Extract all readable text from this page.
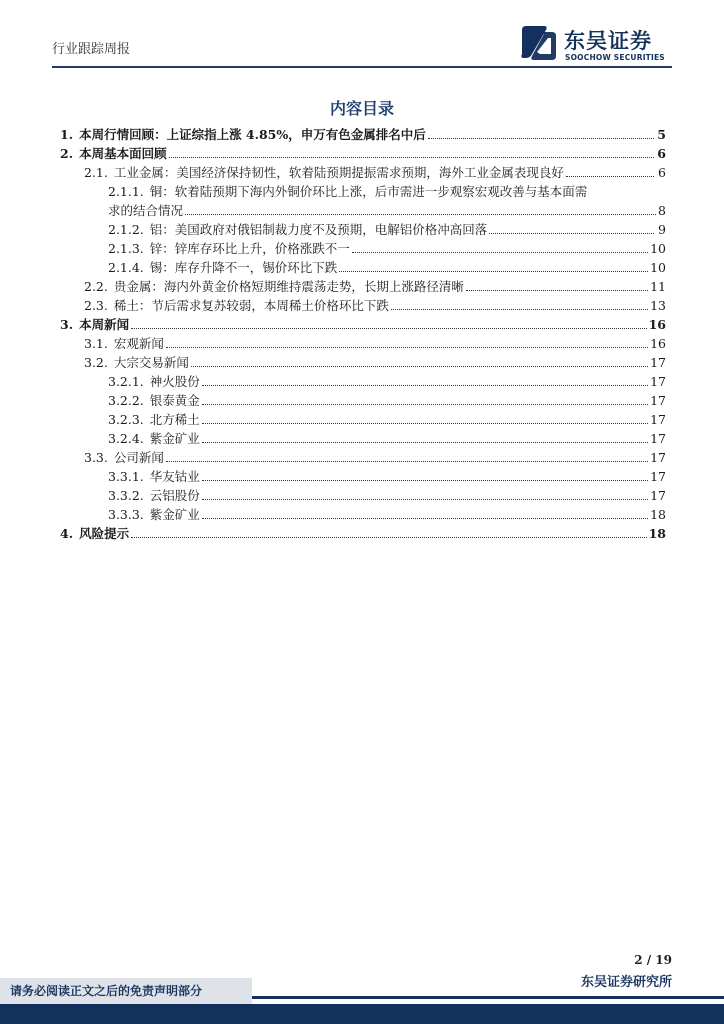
行业跟踪周报	东吴证券
SOOCHOW SECURITIES
内容目录
1. 本周行情回顾：上证综指上涨 4.85%，申万有色金属排名中后	5
2. 本周基本面回顾	6
2.1. 工业金属：美国经济保持韧性，软着陆预期提振需求预期，海外工业金属表现良好	6
2.1.1. 铜：软着陆预期下海内外铜价环比上涨，后市需进一步观察宏观改善与基本面需
求的结合情况	8
2.1.2. 铝：美国政府对俄铝制裁力度不及预期，电解铝价格冲高回落	9
2.1.3. 锌：锌库存环比上升，价格涨跌不一	10
2.1.4. 锡：库存升降不一，锡价环比下跌	10
2.2. 贵金属：海内外黄金价格短期维持震荡走势，长期上涨路径清晰	11
2.3. 稀土：节后需求复苏较弱，本周稀土价格环比下跌	13
3. 本周新闻	16
3.1. 宏观新闻	16
3.2. 大宗交易新闻	17
3.2.1. 神火股份	17
3.2.2. 银泰黄金	17
3.2.3. 北方稀土	17
3.2.4. 紫金矿业	17
3.3. 公司新闻	17
3.3.1. 华友钴业	17
3.3.2. 云铝股份	17
3.3.3. 紫金矿业	18
4. 风险提示	18
2 / 19
东吴证券研究所
请务必阅读正文之后的免责声明部分
